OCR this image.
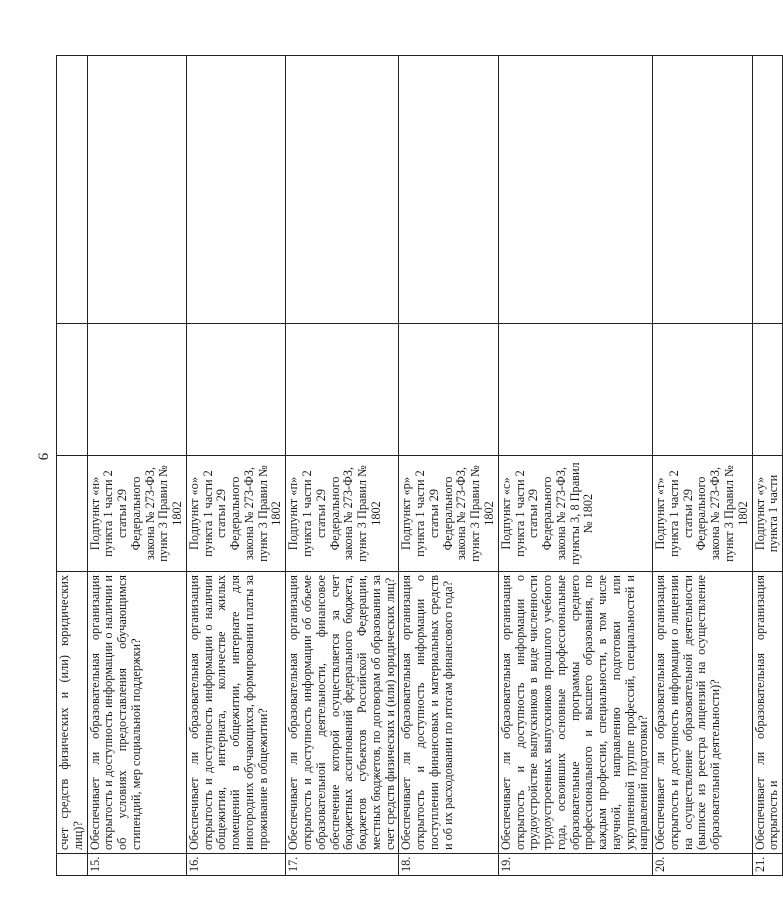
9
	счет средств физических и (или) юридических лиц)?			
15.	Обеспечивает ли образовательная организация открытость и доступность информации о наличии и об условиях предоставления обучающимся стипендий, мер социальной поддержки?	Подпункт «н» пункта 1 части 2 статьи 29 Федерального закона № 273-ФЗ, пункт 3 Правил № 1802		
16.	Обеспечивает ли образовательная организация открытость и доступность информации о наличии общежития, интерната, количестве жилых помещений в общежитии, интернате для иногородних обучающихся, формировании платы за проживание в общежитии?	Подпункт «о» пункта 1 части 2 статьи 29 Федерального закона № 273-ФЗ, пункт 3 Правил № 1802		
17.	Обеспечивает ли образовательная организация открытость и доступность информации об объеме образовательной деятельности, финансовое обеспечение которой осуществляется за счет бюджетных ассигнований федерального бюджета, бюджетов субъектов Российской Федерации, местных бюджетов, по договорам об образовании за счет средств физических и (или) юридических лиц?	Подпункт «п» пункта 1 части 2 статьи 29 Федерального закона № 273-ФЗ, пункт 3 Правил № 1802		
18.	Обеспечивает ли образовательная организация открытость и доступность информации о поступлении финансовых и материальных средств и об их расходовании по итогам финансового года?	Подпункт «р» пункта 1 части 2 статьи 29 Федерального закона № 273-ФЗ, пункт 3 Правил № 1802		
19.	Обеспечивает ли образовательная организация открытость и доступность информации о трудоустройстве выпускников в виде численности трудоустроенных выпускников прошлого учебного года, освоивших основные профессиональные образовательные программы среднего профессионального и высшего образования, по каждым профессии, специальности, в том числе научной, направлению подготовки или укрупненной группе профессий, специальностей и направлений подготовки?	Подпункт «с» пункта 1 части 2 статьи 29 Федерального закона № 273-ФЗ, пункты 3, 8 Правил № 1802		
20.	Обеспечивает ли образовательная организация открытость и доступность информации о лицензии на осуществление образовательной деятельности (выписке из реестра лицензий на осуществление образовательной деятельности)?	Подпункт «т» пункта 1 части 2 статьи 29 Федерального закона № 273-ФЗ, пункт 3 Правил № 1802		
21.	Обеспечивает ли образовательная организация открытость и	Подпункт «у» пункта 1 части		
